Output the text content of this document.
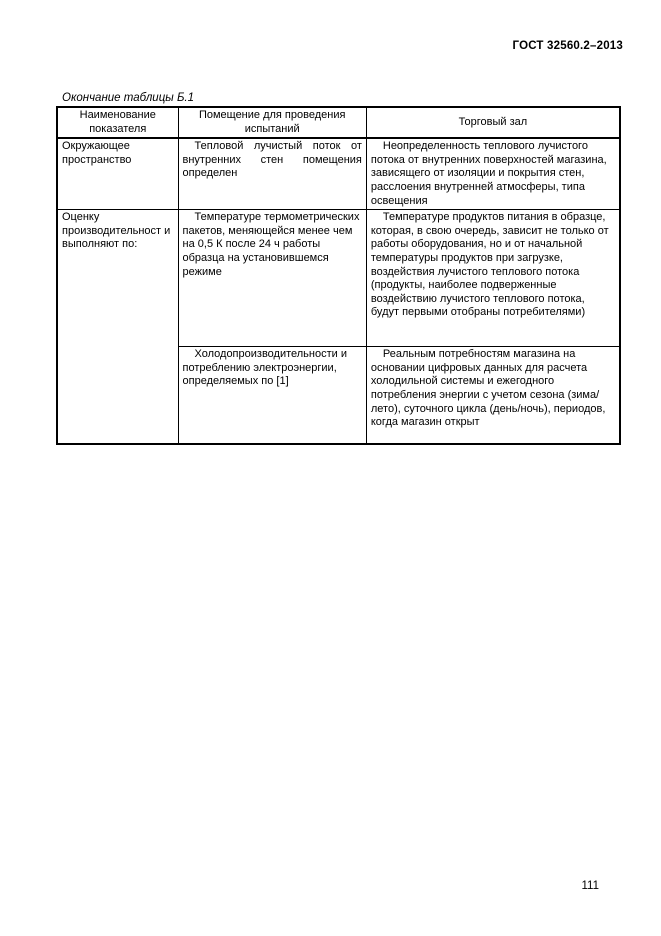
ГОСТ 32560.2–2013
Окончание таблицы Б.1
Наименование показателя	Помещение для проведения испытаний	Торговый зал
Окружающее пространство	Тепловой лучистый поток от внутренних стен помещения определен	Неопределенность теплового лучистого потока от внутренних поверхностей магазина, зависящего от изоляции и покрытия стен, расслоения внутренней атмосферы, типа освещения
Оценку производительност и выполняют по:	Температуре термометрических пакетов, меняющейся менее чем на 0,5 К после 24 ч работы образца на установившемся режиме	Температуре продуктов питания в образце, которая, в свою очередь, зависит не только от работы оборудования, но и от начальной температуры продуктов при загрузке, воздействия лучистого теплового потока (продукты, наиболее подверженные воздействию лучистого теплового потока, будут первыми отобраны потребителями)
	Холодопроизводительности и потреблению электроэнергии, определяемых по [1]	Реальным потребностям магазина на основании цифровых данных для расчета холодильной системы и ежегодного потребления энергии с учетом сезона (зима/лето), суточного цикла (день/ночь), периодов, когда магазин открыт
111
